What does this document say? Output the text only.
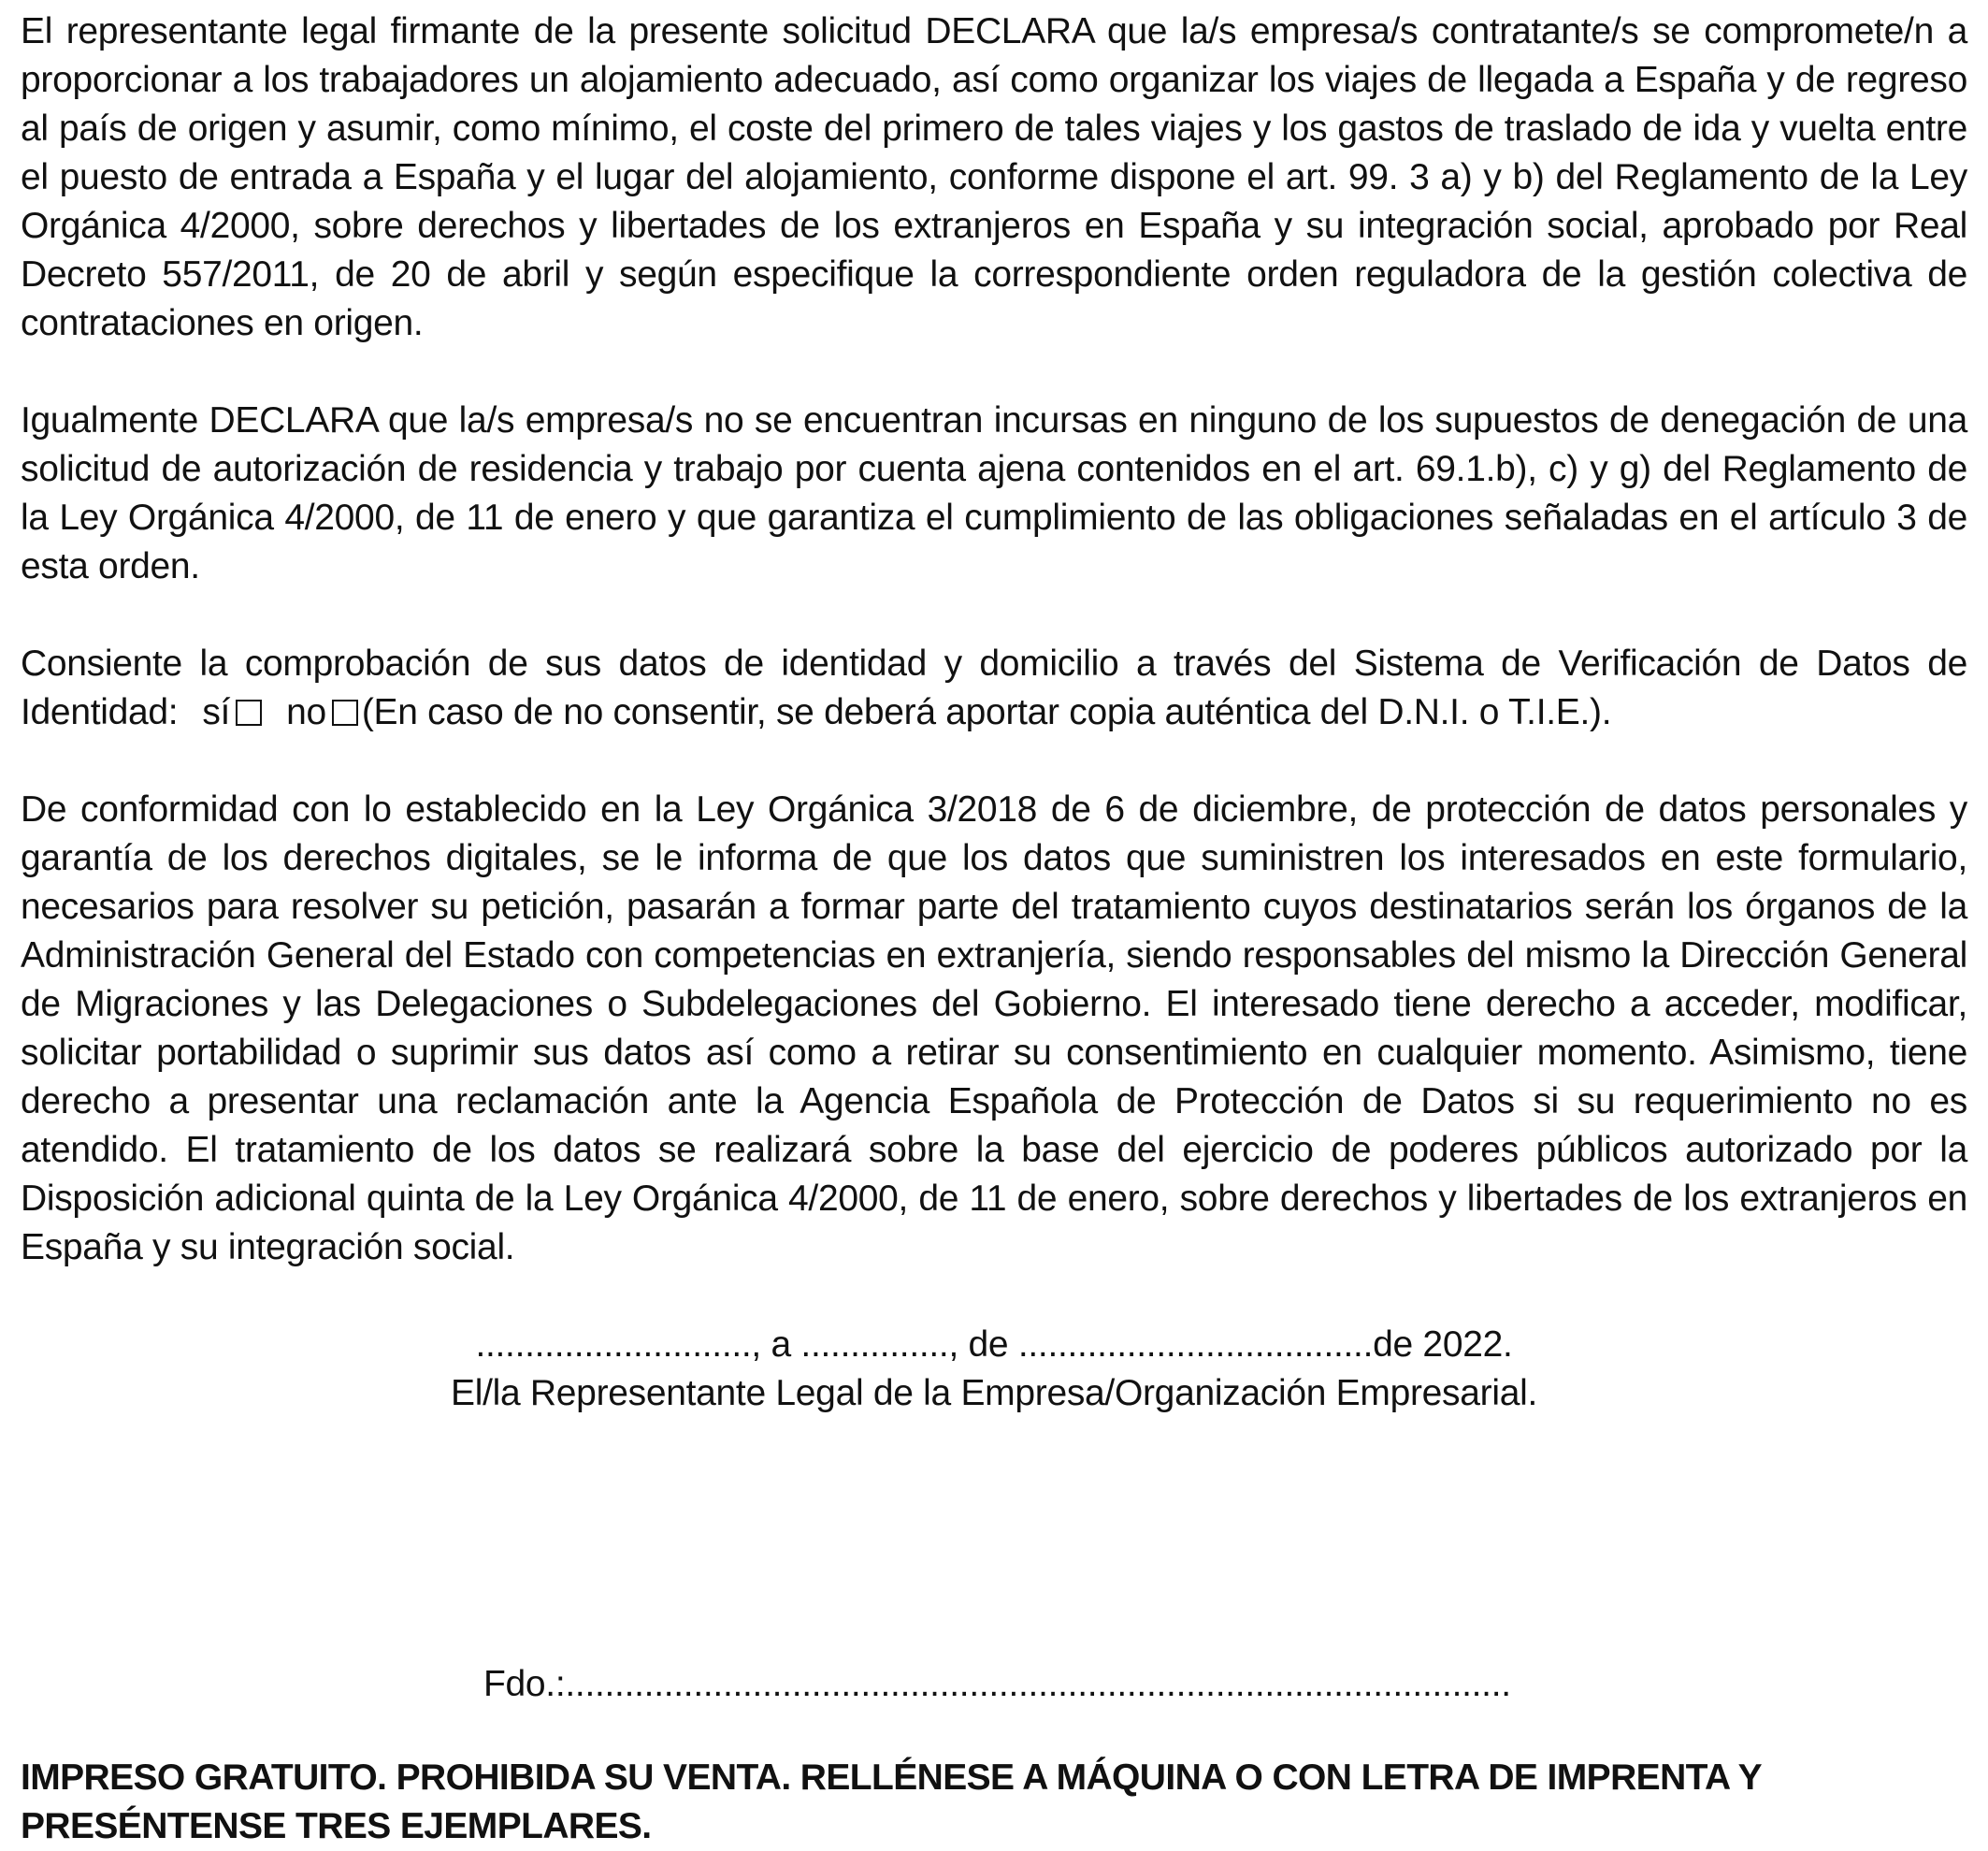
El representante legal firmante de la presente solicitud DECLARA que la/s empresa/s contratante/s se compromete/n a proporcionar a los trabajadores un alojamiento adecuado, así como organizar los viajes de llegada a España y de regreso al país de origen y asumir, como mínimo, el coste del primero de tales viajes y los gastos de traslado de ida y vuelta entre el puesto de entrada a España y el lugar del alojamiento, conforme dispone el art. 99. 3 a) y b) del Reglamento de la Ley Orgánica 4/2000, sobre derechos y libertades de los extranjeros en España y su integración social, aprobado por Real Decreto 557/2011, de 20 de abril y según especifique la correspondiente orden reguladora de la gestión colectiva de contrataciones en origen.

Igualmente DECLARA que la/s empresa/s no se encuentran incursas en ninguno de los supuestos de denegación de una solicitud de autorización de residencia y trabajo por cuenta ajena contenidos en el art. 69.1.b), c) y g) del Reglamento de la Ley Orgánica 4/2000, de 11 de enero y que garantiza el cumplimiento de las obligaciones señaladas en el artículo 3 de esta orden.

Consiente la comprobación de sus datos de identidad y domicilio a través del Sistema de Verificación de Datos de
Identidad: sí no (En caso de no consentir, se deberá aportar copia auténtica del D.N.I. o T.I.E.).

De conformidad con lo establecido en la Ley Orgánica 3/2018 de 6 de diciembre, de protección de datos personales y garantía de los derechos digitales, se le informa de que los datos que suministren los interesados en este formulario, necesarios para resolver su petición, pasarán a formar parte del tratamiento cuyos destinatarios serán los órganos de la Administración General del Estado con competencias en extranjería, siendo responsables del mismo la Dirección General de Migraciones y las Delegaciones o Subdelegaciones del Gobierno. El interesado tiene derecho a acceder, modificar, solicitar portabilidad o suprimir sus datos así como a retirar su consentimiento en cualquier momento. Asimismo, tiene derecho a presentar una reclamación ante la Agencia Española de Protección de Datos si su requerimiento no es atendido. El tratamiento de los datos se realizará sobre la base del ejercicio de poderes públicos autorizado por la Disposición adicional quinta de la Ley Orgánica 4/2000, de 11 de enero, sobre derechos y libertades de los extranjeros en España y su integración social.

............................, a ..............., de ....................................de 2022.

El/la Representante Legal de la Empresa/Organización Empresarial.

Fdo.:................................................................................................

IMPRESO GRATUITO. PROHIBIDA SU VENTA. RELLÉNESE A MÁQUINA O CON LETRA DE IMPRENTA Y PRESÉNTENSE TRES EJEMPLARES.
